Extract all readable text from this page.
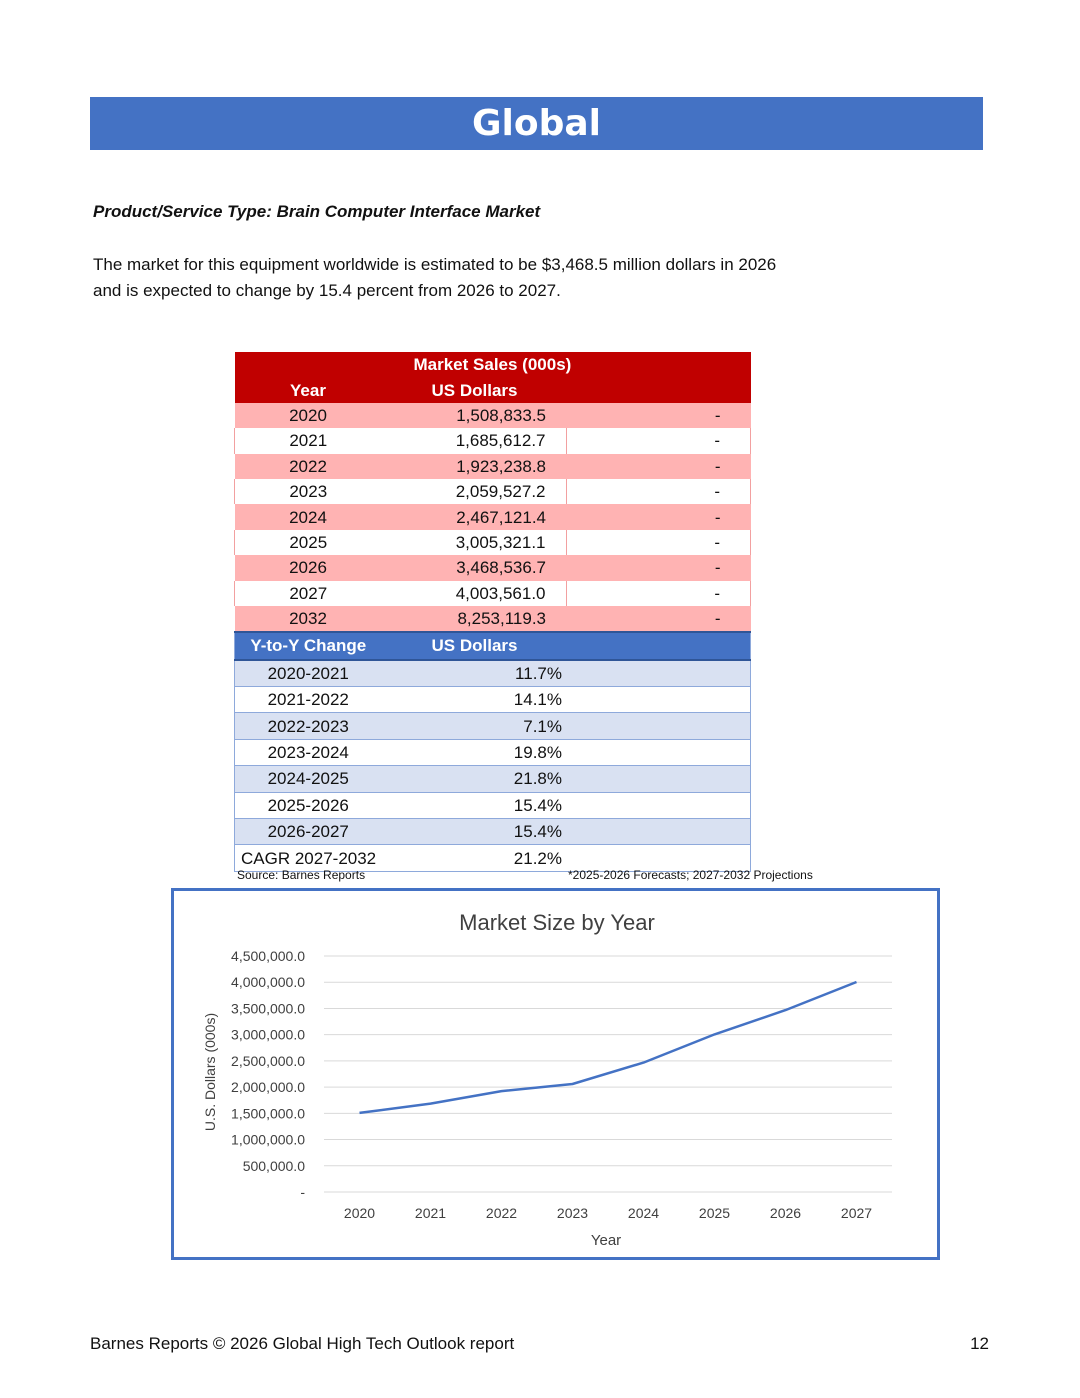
Global
Product/Service Type: Brain Computer Interface Market

The market for this equipment worldwide is estimated to be $3,468.5 million dollars in 2026

and is expected to change by 15.4 percent from 2026 to 2027.

	Market Sales (000s)	
Year	US Dollars	
2020	1,508,833.5	-
2021	1,685,612.7	-
2022	1,923,238.8	-
2023	2,059,527.2	-
2024	2,467,121.4	-
2025	3,005,321.1	-
2026	3,468,536.7	-
2027	4,003,561.0	-
2032	8,253,119.3	-
Y-to-Y Change	US Dollars	
2020-2021	11.7%	
2021-2022	14.1%	
2022-2023	7.1%	
2023-2024	19.8%	
2024-2025	21.8%	
2025-2026	15.4%	
2026-2027	15.4%	
CAGR 2027-2032	21.2%	
Source: Barnes Reports	*2025-2026 Forecasts; 2027-2032 Projections
Market Size by Year
U.S. Dollars (000s)
Year
-
500,000.0
1,000,000.0
1,500,000.0
2,000,000.0
2,500,000.0
3,000,000.0
3,500,000.0
4,000,000.0
4,500,000.0
2020	2021	2022	2023	2024	2025	2026	2027
Barnes Reports © 2026 Global High Tech Outlook report	12
